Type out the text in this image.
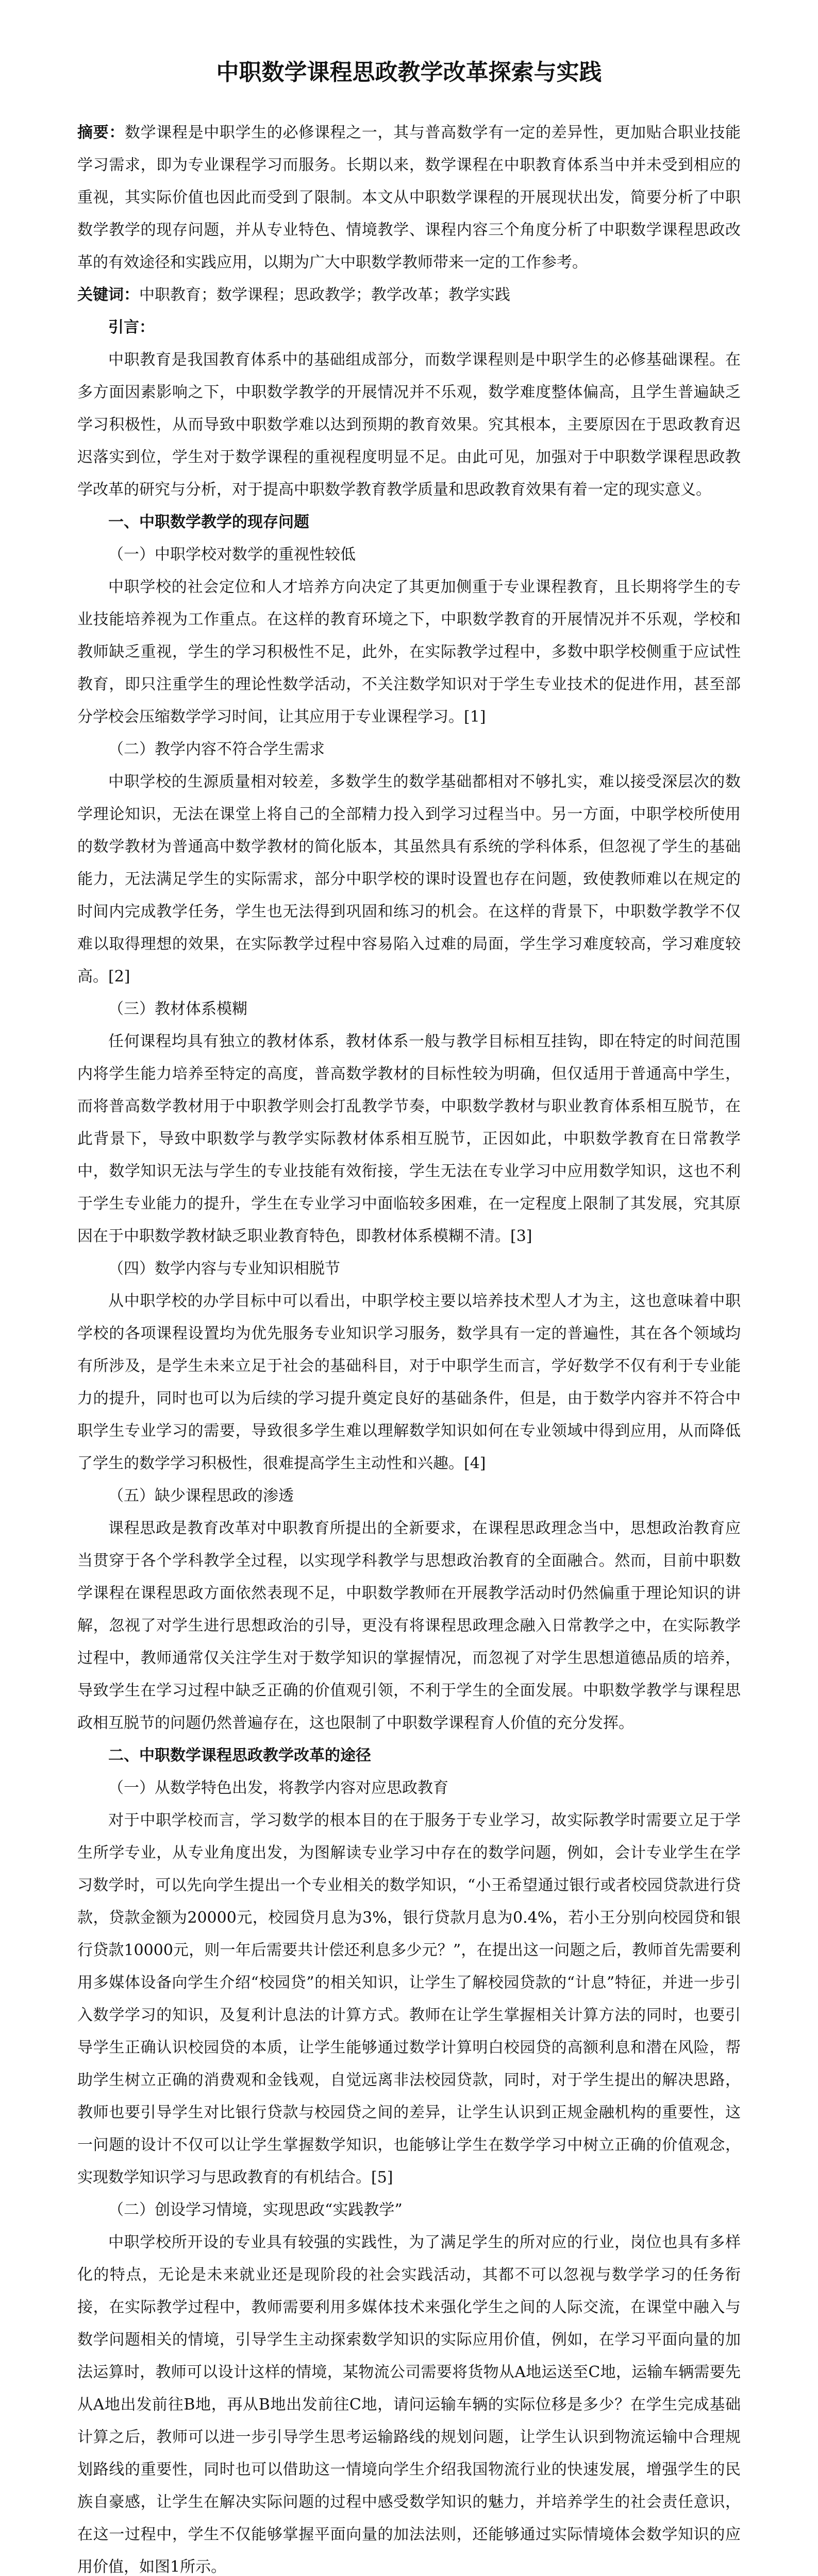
中职数学课程思政教学改革探索与实践

摘要：数学课程是中职学生的必修课程之一，其与普高数学有一定的差异性，更加贴合职业技能学习需求，即为专业课程学习而服务。长期以来，数学课程在中职教育体系当中并未受到相应的重视，其实际价值也因此而受到了限制。本文从中职数学课程的开展现状出发，简要分析了中职数学教学的现存问题，并从专业特色、情境教学、课程内容三个角度分析了中职数学课程思政改革的有效途径和实践应用，以期为广大中职数学教师带来一定的工作参考。

关键词：中职教育；数学课程；思政教学；教学改革；教学实践

引言：

中职教育是我国教育体系中的基础组成部分，而数学课程则是中职学生的必修基础课程。在多方面因素影响之下，中职数学教学的开展情况并不乐观，数学难度整体偏高，且学生普遍缺乏学习积极性，从而导致中职数学难以达到预期的教育效果。究其根本，主要原因在于思政教育迟迟落实到位，学生对于数学课程的重视程度明显不足。由此可见，加强对于中职数学课程思政教学改革的研究与分析，对于提高中职数学教育教学质量和思政教育效果有着一定的现实意义。

一、中职数学教学的现存问题

（一）中职学校对数学的重视性较低

中职学校的社会定位和人才培养方向决定了其更加侧重于专业课程教育，且长期将学生的专业技能培养视为工作重点。在这样的教育环境之下，中职数学教育的开展情况并不乐观，学校和教师缺乏重视，学生的学习积极性不足，此外，在实际教学过程中，多数中职学校侧重于应试性教育，即只注重学生的理论性数学活动，不关注数学知识对于学生专业技术的促进作用，甚至部分学校会压缩数学学习时间，让其应用于专业课程学习。[1]

（二）教学内容不符合学生需求

中职学校的生源质量相对较差，多数学生的数学基础都相对不够扎实，难以接受深层次的数学理论知识，无法在课堂上将自己的全部精力投入到学习过程当中。另一方面，中职学校所使用的数学教材为普通高中数学教材的简化版本，其虽然具有系统的学科体系，但忽视了学生的基础能力，无法满足学生的实际需求，部分中职学校的课时设置也存在问题，致使教师难以在规定的时间内完成教学任务，学生也无法得到巩固和练习的机会。在这样的背景下，中职数学教学不仅难以取得理想的效果，在实际教学过程中容易陷入过难的局面，学生学习难度较高，学习难度较高。[2]

（三）教材体系模糊

任何课程均具有独立的教材体系，教材体系一般与教学目标相互挂钩，即在特定的时间范围内将学生能力培养至特定的高度，普高数学教材的目标性较为明确，但仅适用于普通高中学生，而将普高数学教材用于中职教学则会打乱教学节奏，中职数学教材与职业教育体系相互脱节，在此背景下，导致中职数学与教学实际教材体系相互脱节，正因如此，中职数学教育在日常教学中，数学知识无法与学生的专业技能有效衔接，学生无法在专业学习中应用数学知识，这也不利于学生专业能力的提升，学生在专业学习中面临较多困难，在一定程度上限制了其发展，究其原因在于中职数学教材缺乏职业教育特色，即教材体系模糊不清。[3]

（四）数学内容与专业知识相脱节

从中职学校的办学目标中可以看出，中职学校主要以培养技术型人才为主，这也意味着中职学校的各项课程设置均为优先服务专业知识学习服务，数学具有一定的普遍性，其在各个领域均有所涉及，是学生未来立足于社会的基础科目，对于中职学生而言，学好数学不仅有利于专业能力的提升，同时也可以为后续的学习提升奠定良好的基础条件，但是，由于数学内容并不符合中职学生专业学习的需要，导致很多学生难以理解数学知识如何在专业领域中得到应用，从而降低了学生的数学学习积极性，很难提高学生主动性和兴趣。[4]

（五）缺少课程思政的渗透

课程思政是教育改革对中职教育所提出的全新要求，在课程思政理念当中，思想政治教育应当贯穿于各个学科教学全过程，以实现学科教学与思想政治教育的全面融合。然而，目前中职数学课程在课程思政方面依然表现不足，中职数学教师在开展教学活动时仍然偏重于理论知识的讲解，忽视了对学生进行思想政治的引导，更没有将课程思政理念融入日常教学之中，在实际教学过程中，教师通常仅关注学生对于数学知识的掌握情况，而忽视了对学生思想道德品质的培养，导致学生在学习过程中缺乏正确的价值观引领，不利于学生的全面发展。中职数学教学与课程思政相互脱节的问题仍然普遍存在，这也限制了中职数学课程育人价值的充分发挥。

二、中职数学课程思政教学改革的途径

（一）从数学特色出发，将教学内容对应思政教育

对于中职学校而言，学习数学的根本目的在于服务于专业学习，故实际教学时需要立足于学生所学专业，从专业角度出发，为图解读专业学习中存在的数学问题，例如，会计专业学生在学习数学时，可以先向学生提出一个专业相关的数学知识，“小王希望通过银行或者校园贷款进行贷款，贷款金额为20000元，校园贷月息为3%，银行贷款月息为0.4%，若小王分别向校园贷和银行贷款10000元，则一年后需要共计偿还利息多少元？”，在提出这一问题之后，教师首先需要利用多媒体设备向学生介绍“校园贷”的相关知识，让学生了解校园贷款的“计息”特征，并进一步引入数学学习的知识，及复利计息法的计算方式。教师在让学生掌握相关计算方法的同时，也要引导学生正确认识校园贷的本质，让学生能够通过数学计算明白校园贷的高额利息和潜在风险，帮助学生树立正确的消费观和金钱观，自觉远离非法校园贷款，同时，对于学生提出的解决思路，教师也要引导学生对比银行贷款与校园贷之间的差异，让学生认识到正规金融机构的重要性，这一问题的设计不仅可以让学生掌握数学知识，也能够让学生在数学学习中树立正确的价值观念，实现数学知识学习与思政教育的有机结合。[5]

（二）创设学习情境，实现思政“实践教学”

中职学校所开设的专业具有较强的实践性，为了满足学生的所对应的行业，岗位也具有多样化的特点，无论是未来就业还是现阶段的社会实践活动，其都不可以忽视与数学学习的任务衔接，在实际教学过程中，教师需要利用多媒体技术来强化学生之间的人际交流，在课堂中融入与数学问题相关的情境，引导学生主动探索数学知识的实际应用价值，例如，在学习平面向量的加法运算时，教师可以设计这样的情境，某物流公司需要将货物从A地运送至C地，运输车辆需要先从A地出发前往B地，再从B地出发前往C地，请问运输车辆的实际位移是多少？在学生完成基础计算之后，教师可以进一步引导学生思考运输路线的规划问题，让学生认识到物流运输中合理规划路线的重要性，同时也可以借助这一情境向学生介绍我国物流行业的快速发展，增强学生的民族自豪感，让学生在解决实际问题的过程中感受数学知识的魅力，并培养学生的社会责任意识，在这一过程中，学生不仅能够掌握平面向量的加法法则，还能够通过实际情境体会数学知识的应用价值，如图1所示。
